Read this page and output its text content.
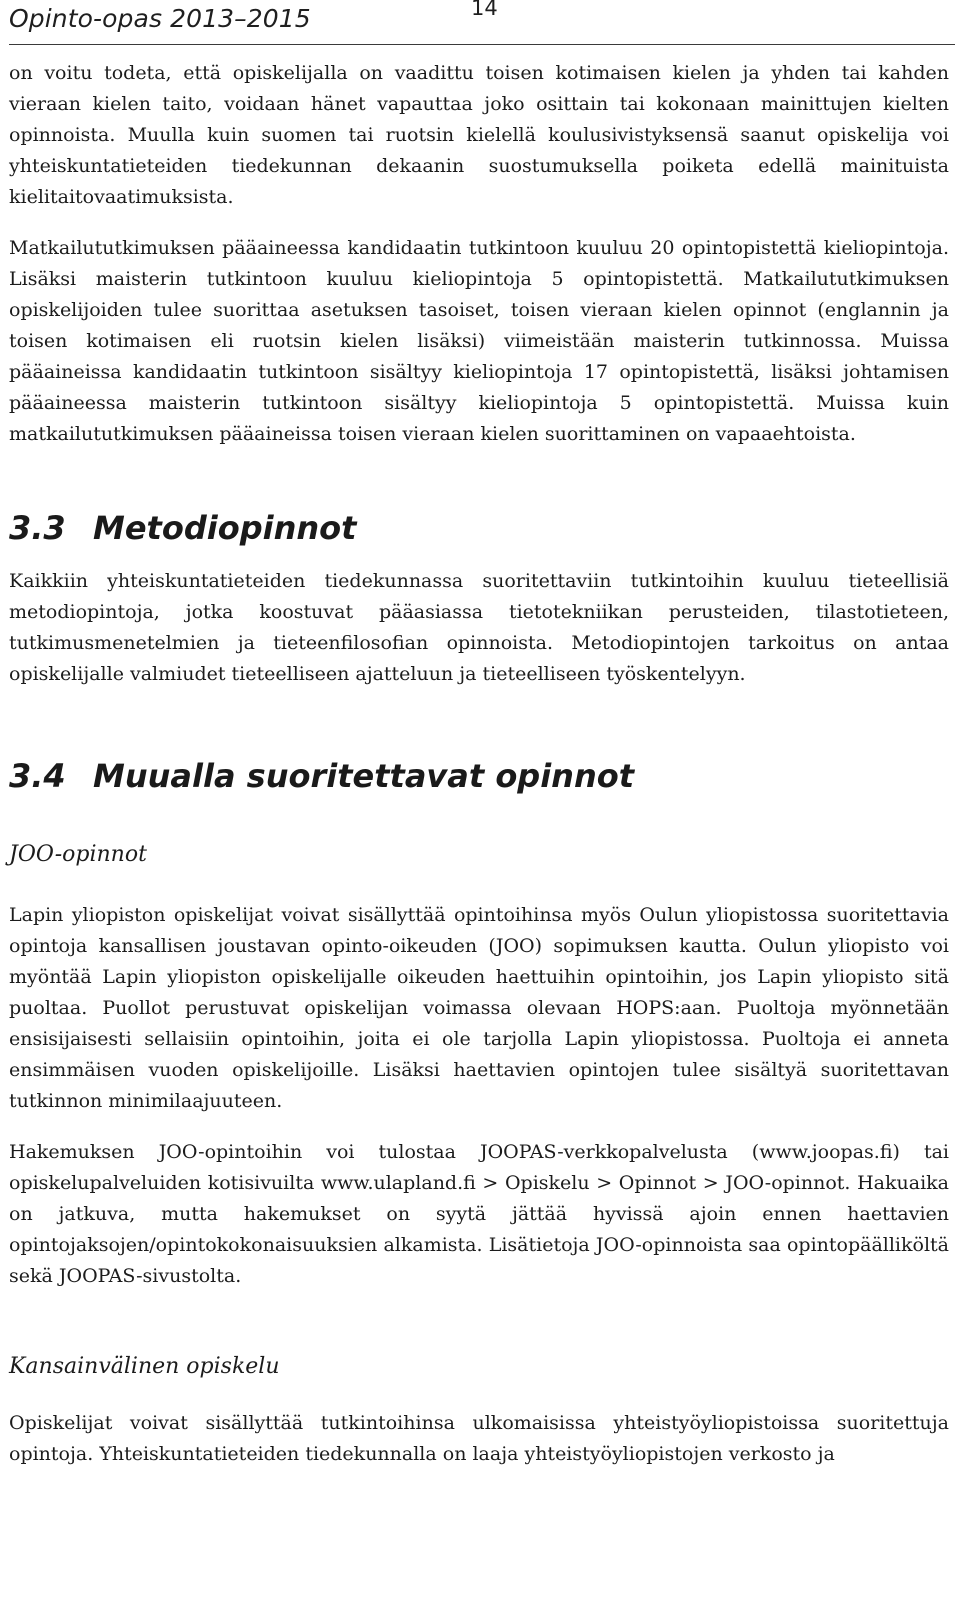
Opinto-opas 2013–2015	14

on voitu todeta, että opiskelijalla on vaadittu toisen kotimaisen kielen ja yhden tai kahden vieraan kielen taito, voidaan hänet vapauttaa joko osittain tai kokonaan mainittujen kielten opinnoista. Muulla kuin suomen tai ruotsin kielellä koulusivistyksensä saanut opiskelija voi yhteiskuntatieteiden tiedekunnan dekaanin suostumuksella poiketa edellä mainituista kielitaitovaatimuksista.

Matkailututkimuksen pääaineessa kandidaatin tutkintoon kuuluu 20 opintopistettä kieliopintoja. Lisäksi maisterin tutkintoon kuuluu kieliopintoja 5 opintopistettä. Matkailututkimuksen opiskelijoiden tulee suorittaa asetuksen tasoiset, toisen vieraan kielen opinnot (englannin ja toisen kotimaisen eli ruotsin kielen lisäksi) viimeistään maisterin tutkinnossa. Muissa pääaineissa kandidaatin tutkintoon sisältyy kieliopintoja 17 opintopistettä, lisäksi johtamisen pääaineessa maisterin tutkintoon sisältyy kieliopintoja 5 opintopistettä. Muissa kuin matkailututkimuksen pääaineissa toisen vieraan kielen suorittaminen on vapaaehtoista.

3.3 Metodiopinnot

Kaikkiin yhteiskuntatieteiden tiedekunnassa suoritettaviin tutkintoihin kuuluu tieteellisiä metodiopintoja, jotka koostuvat pääasiassa tietotekniikan perusteiden, tilastotieteen, tutkimusmenetelmien ja tieteenfilosofian opinnoista. Metodiopintojen tarkoitus on antaa opiskelijalle valmiudet tieteelliseen ajatteluun ja tieteelliseen työskentelyyn.

3.4 Muualla suoritettavat opinnot
JOO-opinnot

Lapin yliopiston opiskelijat voivat sisällyttää opintoihinsa myös Oulun yliopistossa suoritettavia opintoja kansallisen joustavan opinto-oikeuden (JOO) sopimuksen kautta. Oulun yliopisto voi myöntää Lapin yliopiston opiskelijalle oikeuden haettuihin opintoihin, jos Lapin yliopisto sitä puoltaa. Puollot perustuvat opiskelijan voimassa olevaan HOPS:aan. Puoltoja myönnetään ensisijaisesti sellaisiin opintoihin, joita ei ole tarjolla Lapin yliopistossa. Puoltoja ei anneta ensimmäisen vuoden opiskelijoille. Lisäksi haettavien opintojen tulee sisältyä suoritettavan tutkinnon minimilaajuuteen.

Hakemuksen JOO-opintoihin voi tulostaa JOOPAS-verkkopalvelusta (www.joopas.fi) tai opiskelupalveluiden kotisivuilta www.ulapland.fi > Opiskelu > Opinnot > JOO-opinnot. Hakuaika on jatkuva, mutta hakemukset on syytä jättää hyvissä ajoin ennen haettavien opintojaksojen/opintokokonaisuuksien alkamista. Lisätietoja JOO-opinnoista saa opintopäälliköltä sekä JOOPAS-sivustolta.

Kansainvälinen opiskelu

Opiskelijat voivat sisällyttää tutkintoihinsa ulkomaisissa yhteistyöyliopistoissa suoritettuja opintoja. Yhteiskuntatieteiden tiedekunnalla on laaja yhteistyöyliopistojen verkosto ja
